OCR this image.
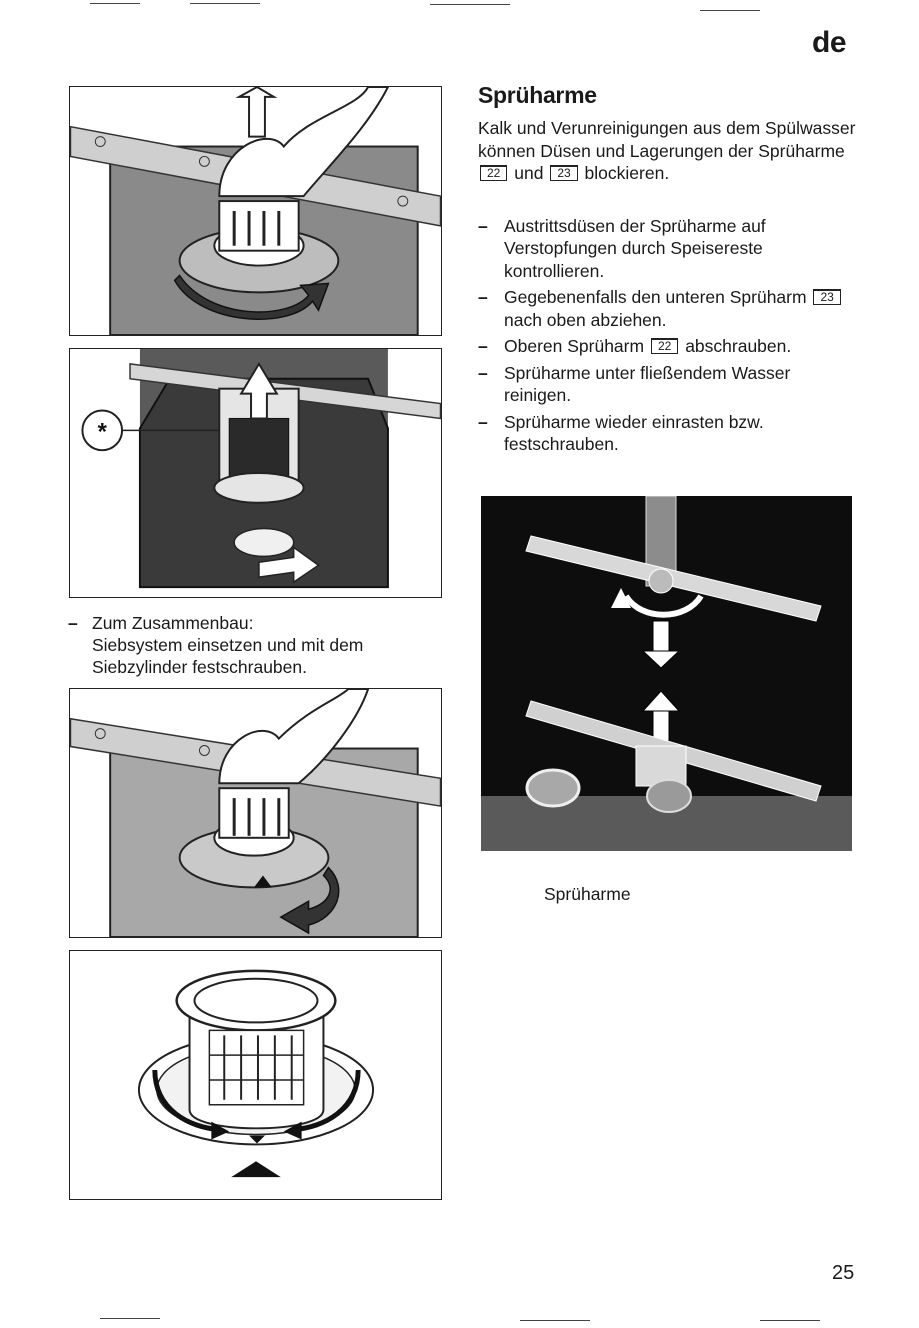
de
25
*
– Zum Zusammenbau:
Siebsystem einsetzen und mit dem Siebzylinder festschrauben.
Sprüharme

Kalk und Verunreinigungen aus dem Spülwasser können Düsen und Lagerungen der Sprüharme 22 und 23 blockieren.

– Austrittsdüsen der Sprüharme auf Verstopfungen durch Speisereste kontrollieren.
– Gegebenenfalls den unteren Sprüharm 23 nach oben abziehen.
– Oberen Sprüharm 22 abschrauben.
– Sprüharme unter fließendem Wasser reinigen.
– Sprüharme wieder einrasten bzw. festschrauben.
Sprüharme
